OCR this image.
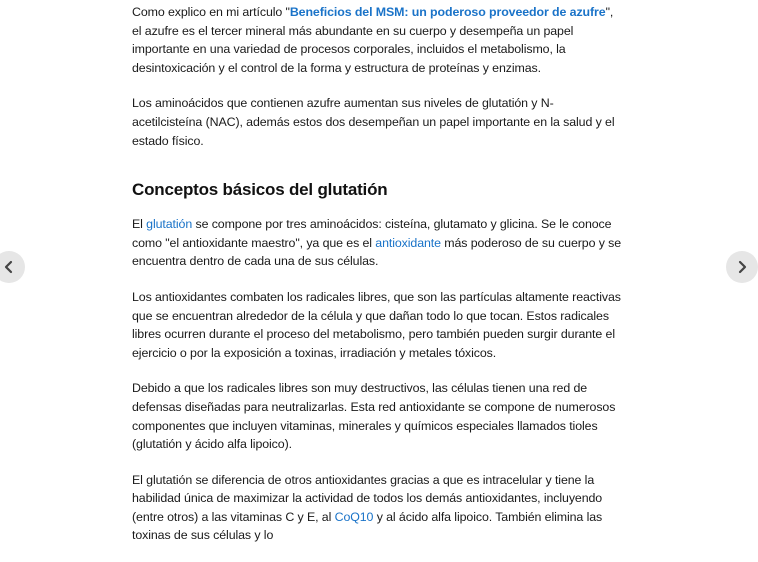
Como explico en mi artículo "Beneficios del MSM: un poderoso proveedor de azufre", el azufre es el tercer mineral más abundante en su cuerpo y desempeña un papel importante en una variedad de procesos corporales, incluidos el metabolismo, la desintoxicación y el control de la forma y estructura de proteínas y enzimas.

Los aminoácidos que contienen azufre aumentan sus niveles de glutatión y N-acetilcisteína (NAC), además estos dos desempeñan un papel importante en la salud y el estado físico.

Conceptos básicos del glutatión

El glutatión se compone por tres aminoácidos: cisteína, glutamato y glicina. Se le conoce como "el antioxidante maestro", ya que es el antioxidante más poderoso de su cuerpo y se encuentra dentro de cada una de sus células.

Los antioxidantes combaten los radicales libres, que son las partículas altamente reactivas que se encuentran alrededor de la célula y que dañan todo lo que tocan. Estos radicales libres ocurren durante el proceso del metabolismo, pero también pueden surgir durante el ejercicio o por la exposición a toxinas, irradiación y metales tóxicos.

Debido a que los radicales libres son muy destructivos, las células tienen una red de defensas diseñadas para neutralizarlas. Esta red antioxidante se compone de numerosos componentes que incluyen vitaminas, minerales y químicos especiales llamados tioles (glutatión y ácido alfa lipoico).

El glutatión se diferencia de otros antioxidantes gracias a que es intracelular y tiene la habilidad única de maximizar la actividad de todos los demás antioxidantes, incluyendo (entre otros) a las vitaminas C y E, al CoQ10 y al ácido alfa lipoico. También elimina las toxinas de sus células y lo
